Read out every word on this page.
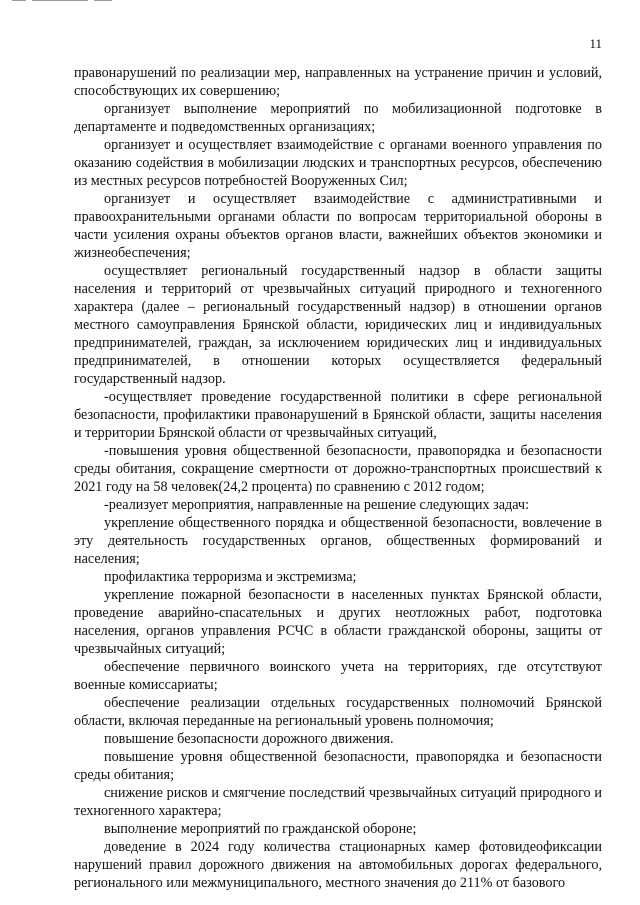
11

правонарушений по реализации мер, направленных на устранение причин и условий, способствующих их совершению;

организует выполнение мероприятий по мобилизационной подготовке в департаменте и подведомственных организациях;

организует и осуществляет взаимодействие с органами военного управления по оказанию содействия в мобилизации людских и транспортных ресурсов, обеспечению из местных ресурсов потребностей Вооруженных Сил;

организует и осуществляет взаимодействие с административными и правоохранительными органами области по вопросам территориальной обороны в части усиления охраны объектов органов власти, важнейших объектов экономики и жизнеобеспечения;

осуществляет региональный государственный надзор в области защиты населения и территорий от чрезвычайных ситуаций природного и техногенного характера (далее – региональный государственный надзор) в отношении органов местного самоуправления Брянской области, юридических лиц и индивидуальных предпринимателей, граждан, за исключением юридических лиц и индивидуальных предпринимателей, в отношении которых осуществляется федеральный государственный надзор.

-осуществляет проведение государственной политики в сфере региональной безопасности, профилактики правонарушений в Брянской области, защиты населения и территории Брянской области от чрезвычайных ситуаций,

-повышения уровня общественной безопасности, правопорядка и безопасности среды обитания, сокращение смертности от дорожно-транспортных происшествий к 2021 году на 58 человек(24,2 процента) по сравнению с 2012 годом;

-реализует мероприятия, направленные на решение следующих задач:

укрепление общественного порядка и общественной безопасности, вовлечение в эту деятельность государственных органов, общественных формирований и населения;

профилактика терроризма и экстремизма;

укрепление пожарной безопасности в населенных пунктах Брянской области, проведение аварийно-спасательных и других неотложных работ, подготовка населения, органов управления РСЧС в области гражданской обороны, защиты от чрезвычайных ситуаций;

обеспечение первичного воинского учета на территориях, где отсутствуют военные комиссариаты;

обеспечение реализации отдельных государственных полномочий Брянской области, включая переданные на региональный уровень полномочия;

повышение безопасности дорожного движения.

повышение уровня общественной безопасности, правопорядка и безопасности среды обитания;

снижение рисков и смягчение последствий чрезвычайных ситуаций природного и техногенного характера;

выполнение мероприятий по гражданской обороне;

доведение в 2024 году количества стационарных камер фотовидеофиксации нарушений правил дорожного движения на автомобильных дорогах федерального, регионального или межмуниципального, местного значения до 211% от базового
